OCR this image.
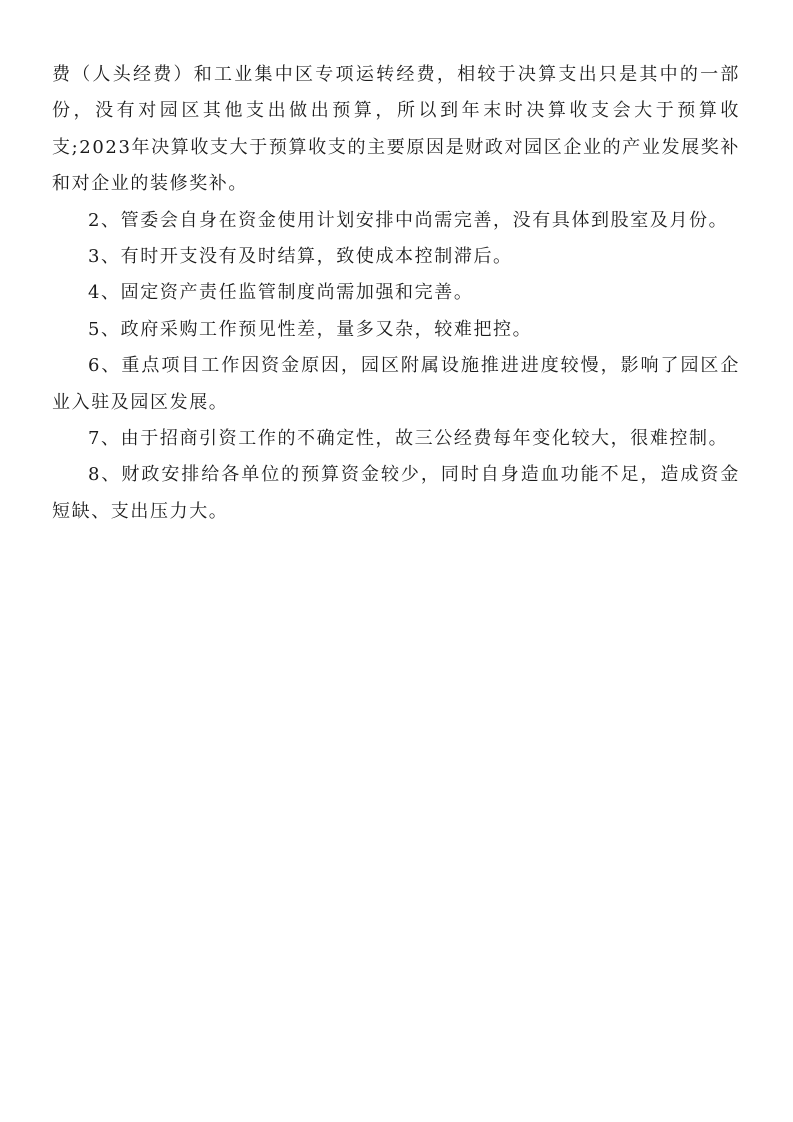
费（人头经费）和工业集中区专项运转经费，相较于决算支出只是其中的一部份，没有对园区其他支出做出预算，所以到年末时决算收支会大于预算收支;2023年决算收支大于预算收支的主要原因是财政对园区企业的产业发展奖补和对企业的装修奖补。

2、管委会自身在资金使用计划安排中尚需完善，没有具体到股室及月份。

3、有时开支没有及时结算，致使成本控制滞后。

4、固定资产责任监管制度尚需加强和完善。

5、政府采购工作预见性差，量多又杂，较难把控。

6、重点项目工作因资金原因，园区附属设施推进进度较慢，影响了园区企业入驻及园区发展。

7、由于招商引资工作的不确定性，故三公经费每年变化较大，很难控制。

8、财政安排给各单位的预算资金较少，同时自身造血功能不足，造成资金短缺、支出压力大。
